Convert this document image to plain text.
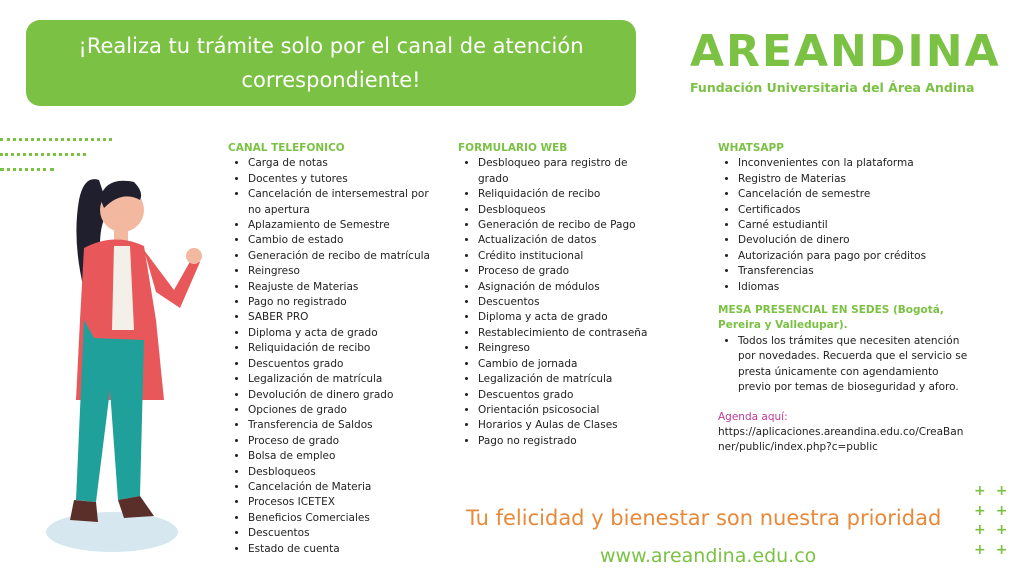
¡Realiza tu trámite solo por el canal de atención
correspondiente!
AREANDINA
Fundación Universitaria del Área Andina
CANAL TELEFONICO
• Carga de notas
• Docentes y tutores
• Cancelación de intersemestral por no apertura
• Aplazamiento de Semestre
• Cambio de estado
• Generación de recibo de matrícula
• Reingreso
• Reajuste de Materias
• Pago no registrado
• SABER PRO
• Diploma y acta de grado
• Reliquidación de recibo
• Descuentos grado
• Legalización de matrícula
• Devolución de dinero grado
• Opciones de grado
• Transferencia de Saldos
• Proceso de grado
• Bolsa de empleo
• Desbloqueos
• Cancelación de Materia
• Procesos ICETEX
• Beneficios Comerciales
• Descuentos
• Estado de cuenta
FORMULARIO WEB
• Desbloqueo para registro de grado
• Reliquidación de recibo
• Desbloqueos
• Generación de recibo de Pago
• Actualización de datos
• Crédito institucional
• Proceso de grado
• Asignación de módulos
• Descuentos
• Diploma y acta de grado
• Restablecimiento de contraseña
• Reingreso
• Cambio de jornada
• Legalización de matrícula
• Descuentos grado
• Orientación psicosocial
• Horarios y Aulas de Clases
• Pago no registrado
WHATSAPP
• Inconvenientes con la plataforma
• Registro de Materias
• Cancelación de semestre
• Certificados
• Carné estudiantil
• Devolución de dinero
• Autorización para pago por créditos
• Transferencias
• Idiomas
MESA PRESENCIAL EN SEDES (Bogotá, Pereira y Valledupar).
• Todos los trámites que necesiten atención por novedades. Recuerda que el servicio se presta únicamente con agendamiento previo por temas de bioseguridad y aforo.
Agenda aquí:
https://aplicaciones.areandina.edu.co/CreaBanner/public/index.php?c=public
Tu felicidad y bienestar son nuestra prioridad
www.areandina.edu.co
++
++
++
++
